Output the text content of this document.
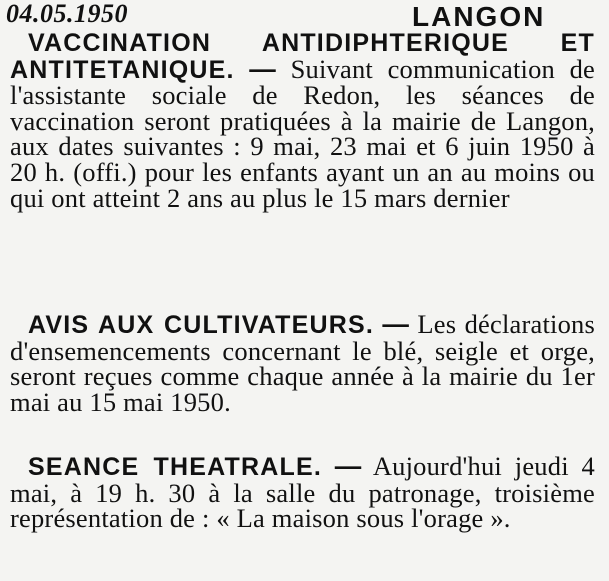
04.05.1950	LANGON

VACCINATION ANTIDIPHTERIQUE ET ANTITETANIQUE. — Suivant communication de l'assistante sociale de Redon, les séances de vaccination seront pratiquées à la mairie de Langon, aux dates suivantes : 9 mai, 23 mai et 6 juin 1950 à 20 h. (offi.) pour les enfants ayant un an au moins ou qui ont atteint 2 ans au plus le 15 mars dernier

AVIS AUX CULTIVATEURS. — Les déclarations d'ensemencements concernant le blé, seigle et orge, seront reçues comme chaque année à la mairie du 1er mai au 15 mai 1950.

SEANCE THEATRALE. — Aujourd'hui jeudi 4 mai, à 19 h. 30 à la salle du patronage, troisième représentation de : « La maison sous l'orage ».
